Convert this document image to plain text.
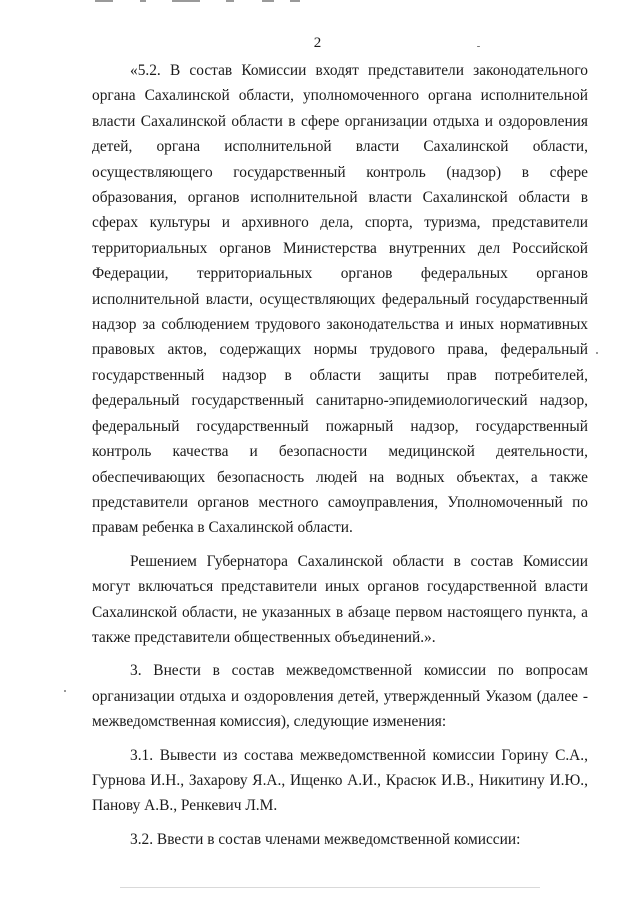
2

«5.2. В состав Комиссии входят представители законодательного органа Сахалинской области, уполномоченного органа исполнительной власти Сахалинской области в сфере организации отдыха и оздоровления детей, органа исполнительной власти Сахалинской области, осуществляющего государственный контроль (надзор) в сфере образования, органов исполнительной власти Сахалинской области в сферах культуры и архивного дела, спорта, туризма, представители территориальных органов Министерства внутренних дел Российской Федерации, территориальных органов федеральных органов исполнительной власти, осуществляющих федеральный государственный надзор за соблюдением трудового законодательства и иных нормативных правовых актов, содержащих нормы трудового права, федеральный государственный надзор в области защиты прав потребителей, федеральный государственный санитарно-эпидемиологический надзор, федеральный государственный пожарный надзор, государственный контроль качества и безопасности медицинской деятельности, обеспечивающих безопасность людей на водных объектах, а также представители органов местного самоуправления, Уполномоченный по правам ребенка в Сахалинской области.

Решением Губернатора Сахалинской области в состав Комиссии могут включаться представители иных органов государственной власти Сахалинской области, не указанных в абзаце первом настоящего пункта, а также представители общественных объединений.».

3. Внести в состав межведомственной комиссии по вопросам организации отдыха и оздоровления детей, утвержденный Указом (далее - межведомственная комиссия), следующие изменения:

3.1. Вывести из состава межведомственной комиссии Горину С.А., Гурнова И.Н., Захарову Я.А., Ищенко А.И., Красюк И.В., Никитину И.Ю., Панову А.В., Ренкевич Л.М.

3.2. Ввести в состав членами межведомственной комиссии:
